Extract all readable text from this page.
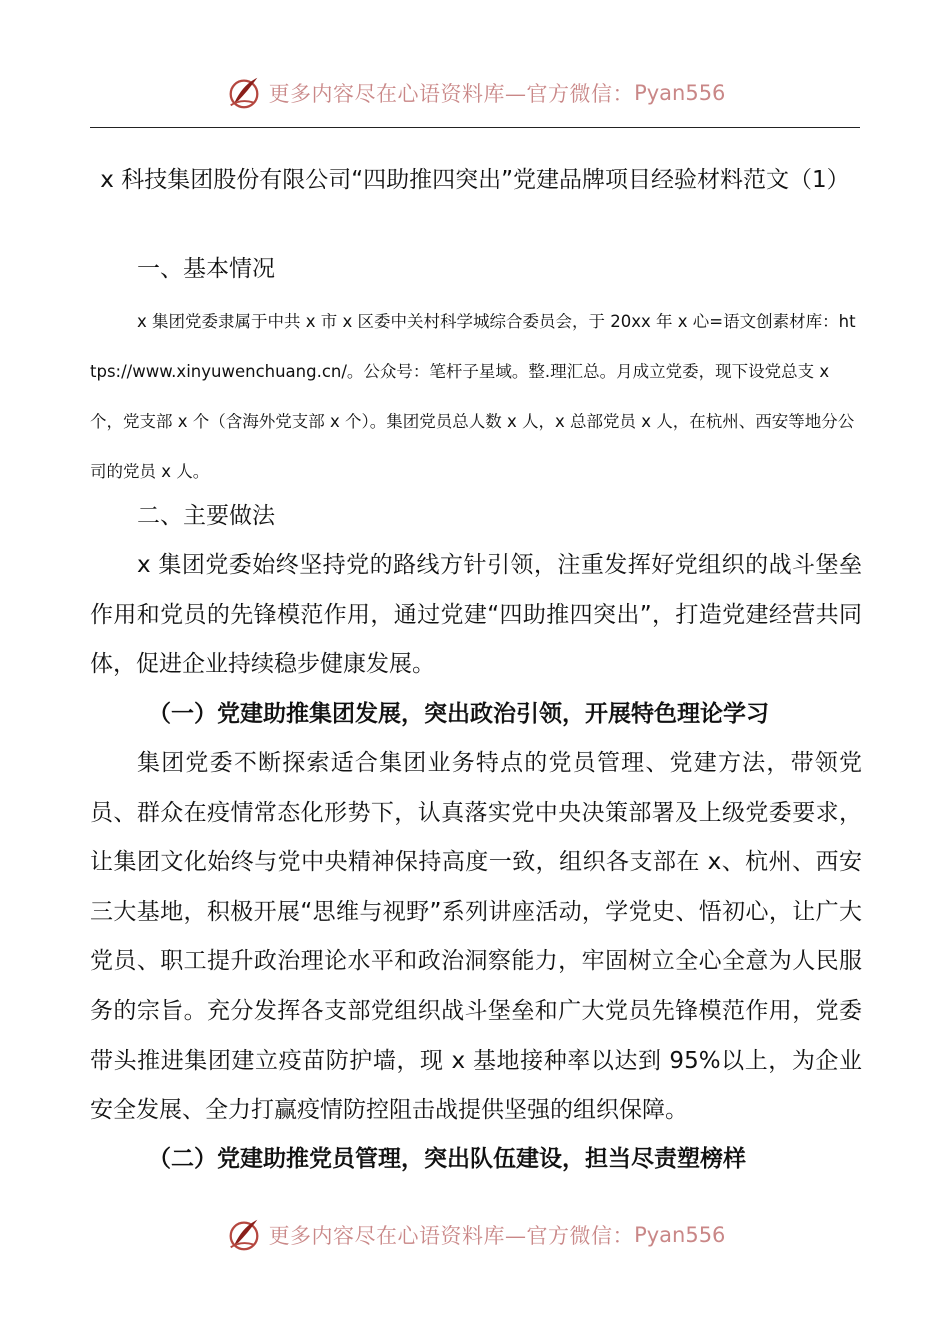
更多内容尽在心语资料库—官方微信： Pyan556
x 科技集团股份有限公司“四助推四突出”党建品牌项目经验材料范文（1）
一、基本情况

x 集团党委隶属于中共 x 市 x 区委中关村科学城综合委员会，于 20xx 年 x 心=语文创素材库：https://www.xinyuwenchuang.cn/。公众号：笔杆子星域。整.理汇总。月成立党委，现下设党总支 x 个，党支部 x 个（含海外党支部 x 个）。集团党员总人数 x 人，x 总部党员 x 人，在杭州、西安等地分公司的党员 x 人。

二、主要做法

x 集团党委始终坚持党的路线方针引领，注重发挥好党组织的战斗堡垒作用和党员的先锋模范作用，通过党建“四助推四突出”，打造党建经营共同体，促进企业持续稳步健康发展。

（一）党建助推集团发展，突出政治引领，开展特色理论学习

集团党委不断探索适合集团业务特点的党员管理、党建方法，带领党员、群众在疫情常态化形势下，认真落实党中央决策部署及上级党委要求，让集团文化始终与党中央精神保持高度一致，组织各支部在 x、杭州、西安三大基地，积极开展“思维与视野”系列讲座活动，学党史、悟初心，让广大党员、职工提升政治理论水平和政治洞察能力，牢固树立全心全意为人民服务的宗旨。充分发挥各支部党组织战斗堡垒和广大党员先锋模范作用，党委带头推进集团建立疫苗防护墙，现 x 基地接种率以达到 95%以上，为企业安全发展、全力打赢疫情防控阻击战提供坚强的组织保障。

（二）党建助推党员管理，突出队伍建设，担当尽责塑榜样
更多内容尽在心语资料库—官方微信： Pyan556
